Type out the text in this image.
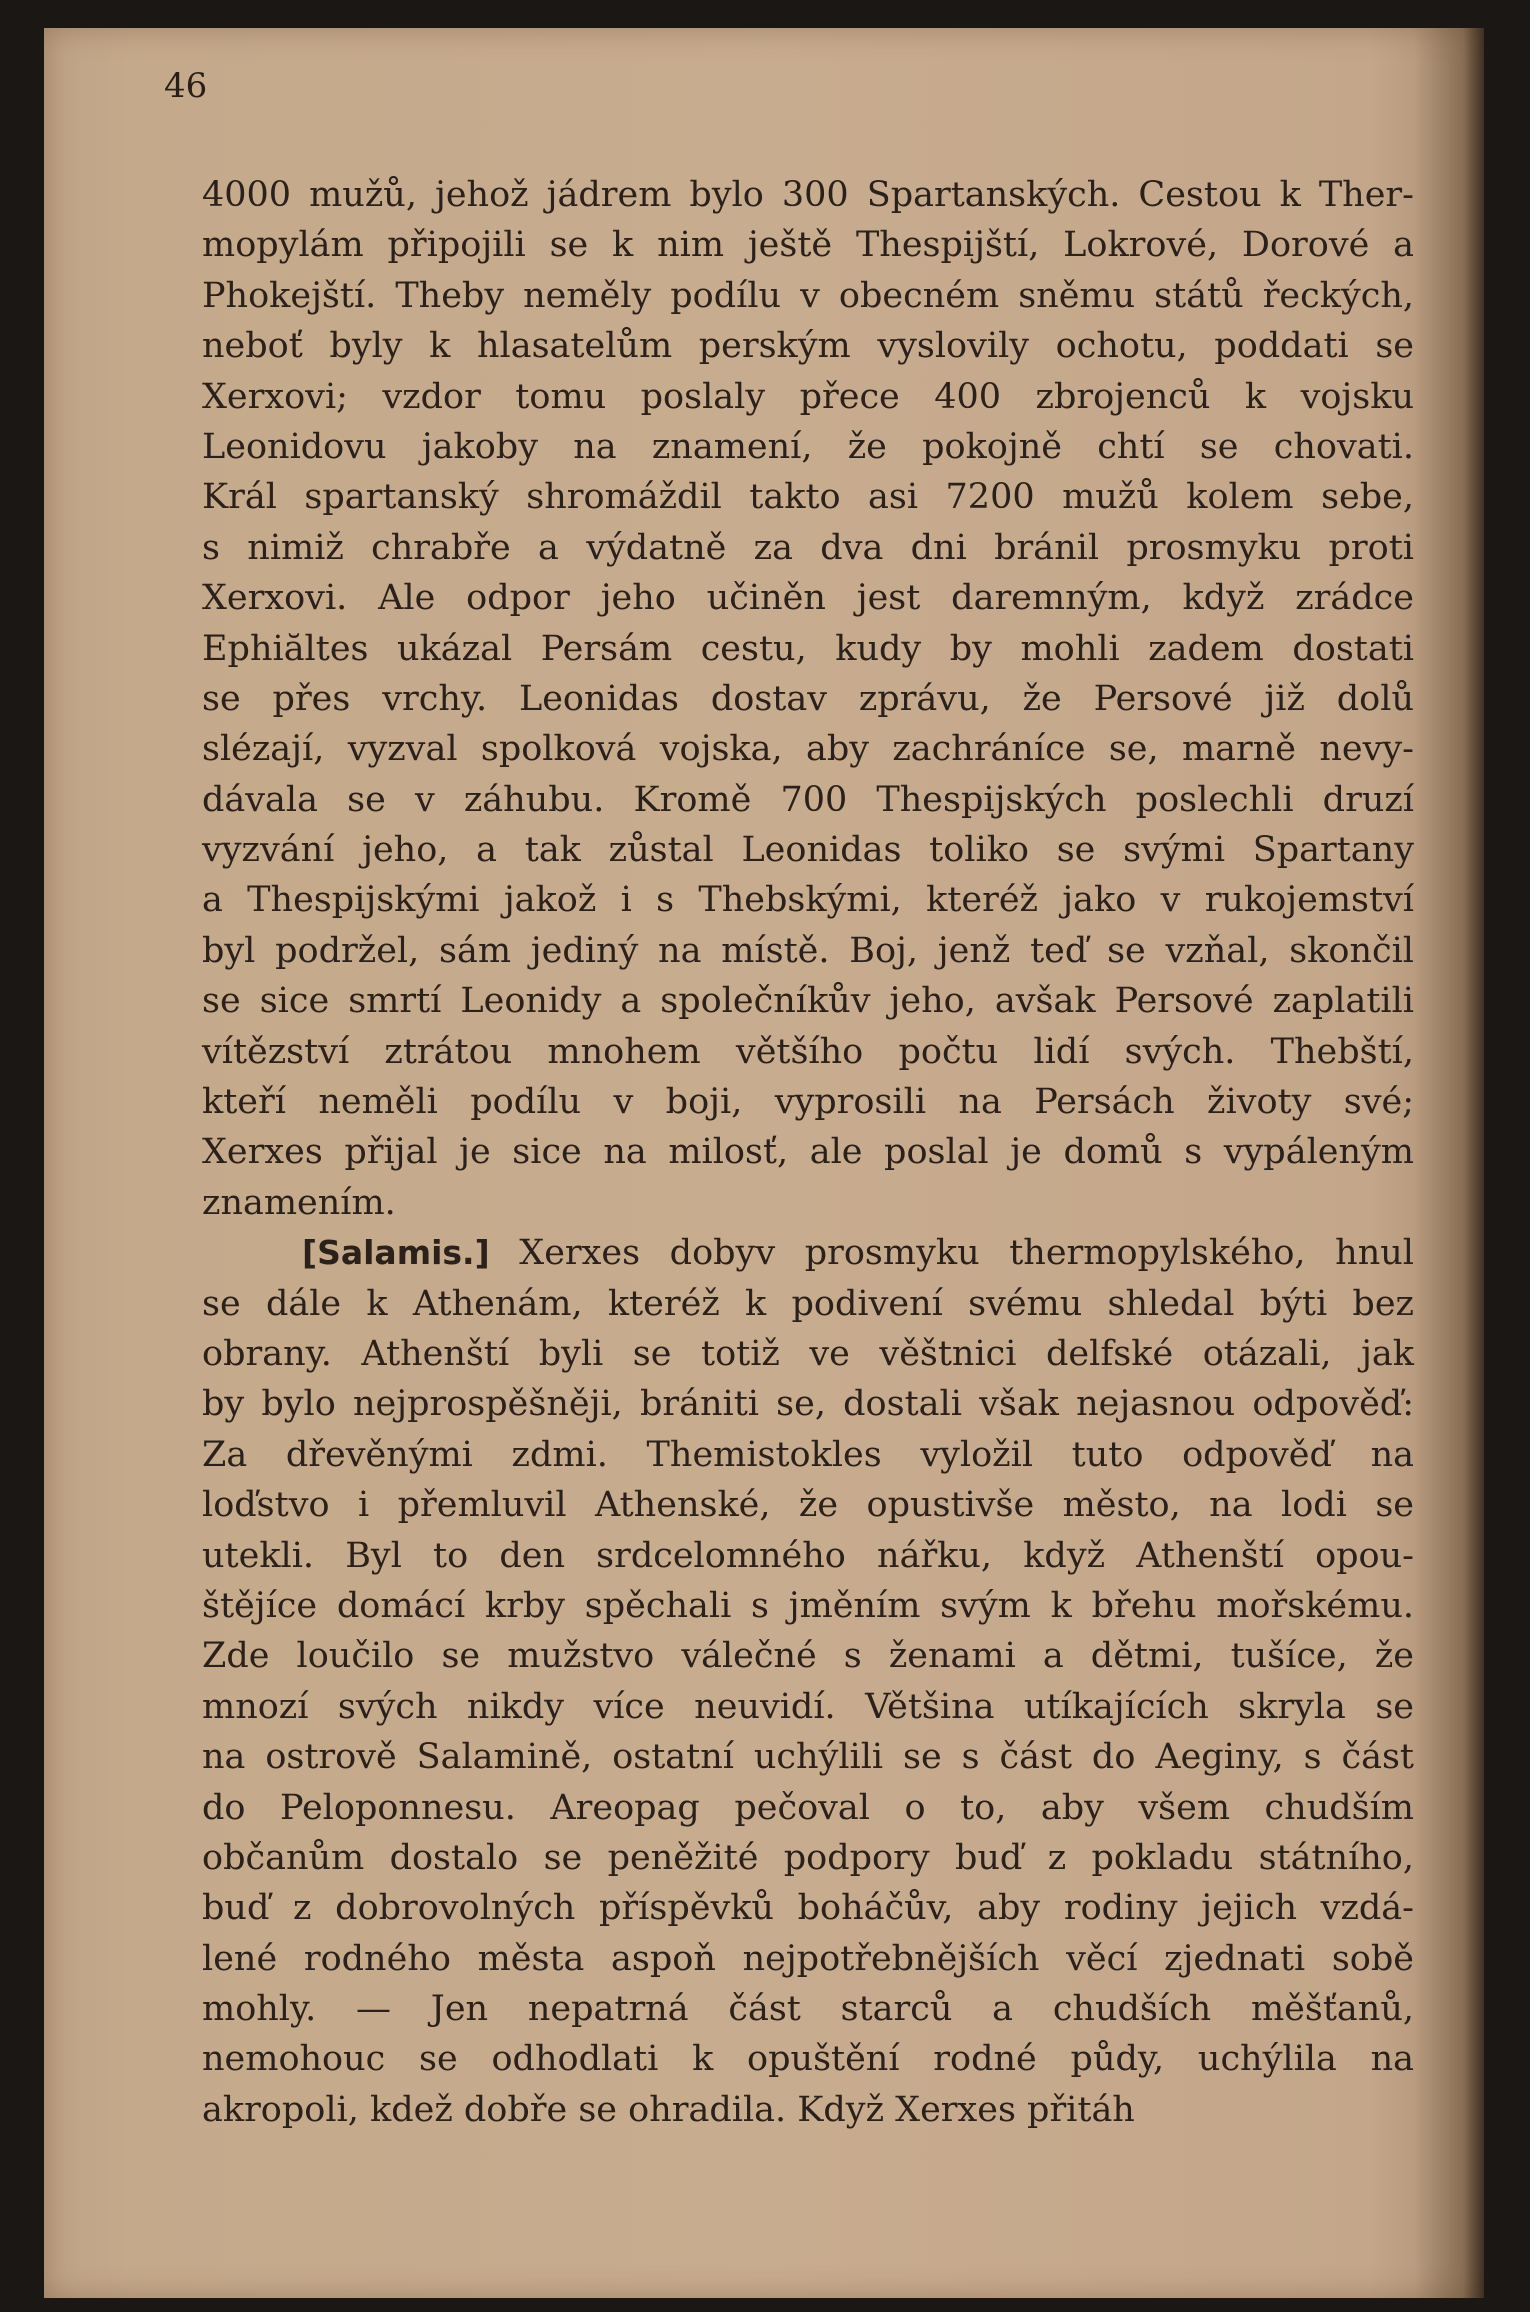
46
4000 mužů, jehož jádrem bylo 300 Spartanských. Cestou k Ther-
mopylám připojili se k nim ještě Thespijští, Lokrové, Dorové a
Phokejští. Theby neměly podílu v obecném sněmu států řeckých,
neboť byly k hlasatelům perským vyslovily ochotu, poddati se
Xerxovi; vzdor tomu poslaly přece 400 zbrojenců k vojsku
Leonidovu jakoby na znamení, že pokojně chtí se chovati.
Král spartanský shromáždil takto asi 7200 mužů kolem sebe,
s nimiž chrabře a výdatně za dva dni bránil prosmyku proti
Xerxovi. Ale odpor jeho učiněn jest daremným, když zrádce
Ephiăltes ukázal Persám cestu, kudy by mohli zadem dostati
se přes vrchy. Leonidas dostav zprávu, že Persové již dolů
slézají, vyzval spolková vojska, aby zachráníce se, marně nevy-
dávala se v záhubu. Kromě 700 Thespijských poslechli druzí
vyzvání jeho, a tak zůstal Leonidas toliko se svými Spartany
a Thespijskými jakož i s Thebskými, kteréž jako v rukojemství
byl podržel, sám jediný na místě. Boj, jenž teď se vzňal, skončil
se sice smrtí Leonidy a společníkův jeho, avšak Persové zaplatili
vítězství ztrátou mnohem většího počtu lidí svých. Thebští,
kteří neměli podílu v boji, vyprosili na Persách životy své;
Xerxes přijal je sice na milosť, ale poslal je domů s vypáleným
znamením.
[Salamis.] Xerxes dobyv prosmyku thermopylského, hnul
se dále k Athenám, kteréž k podivení svému shledal býti bez
obrany. Athenští byli se totiž ve věštnici delfské otázali, jak
by bylo nejprospěšněji, brániti se, dostali však nejasnou odpověď:
Za dřevěnými zdmi. Themistokles vyložil tuto odpověď na
loďstvo i přemluvil Athenské, že opustivše město, na lodi se
utekli. Byl to den srdcelomného nářku, když Athenští opou-
štějíce domácí krby spěchali s jměním svým k břehu mořskému.
Zde loučilo se mužstvo válečné s ženami a dětmi, tušíce, že
mnozí svých nikdy více neuvidí. Většina utíkajících skryla se
na ostrově Salamině, ostatní uchýlili se s část do Aeginy, s část
do Peloponnesu. Areopag pečoval o to, aby všem chudším
občanům dostalo se peněžité podpory buď z pokladu státního,
buď z dobrovolných příspěvků boháčův, aby rodiny jejich vzdá-
lené rodného města aspoň nejpotřebnějších věcí zjednati sobě
mohly. — Jen nepatrná část starců a chudších měšťanů,
nemohouc se odhodlati k opuštění rodné půdy, uchýlila na
akropoli, kdež dobře se ohradila. Když Xerxes přitáh
